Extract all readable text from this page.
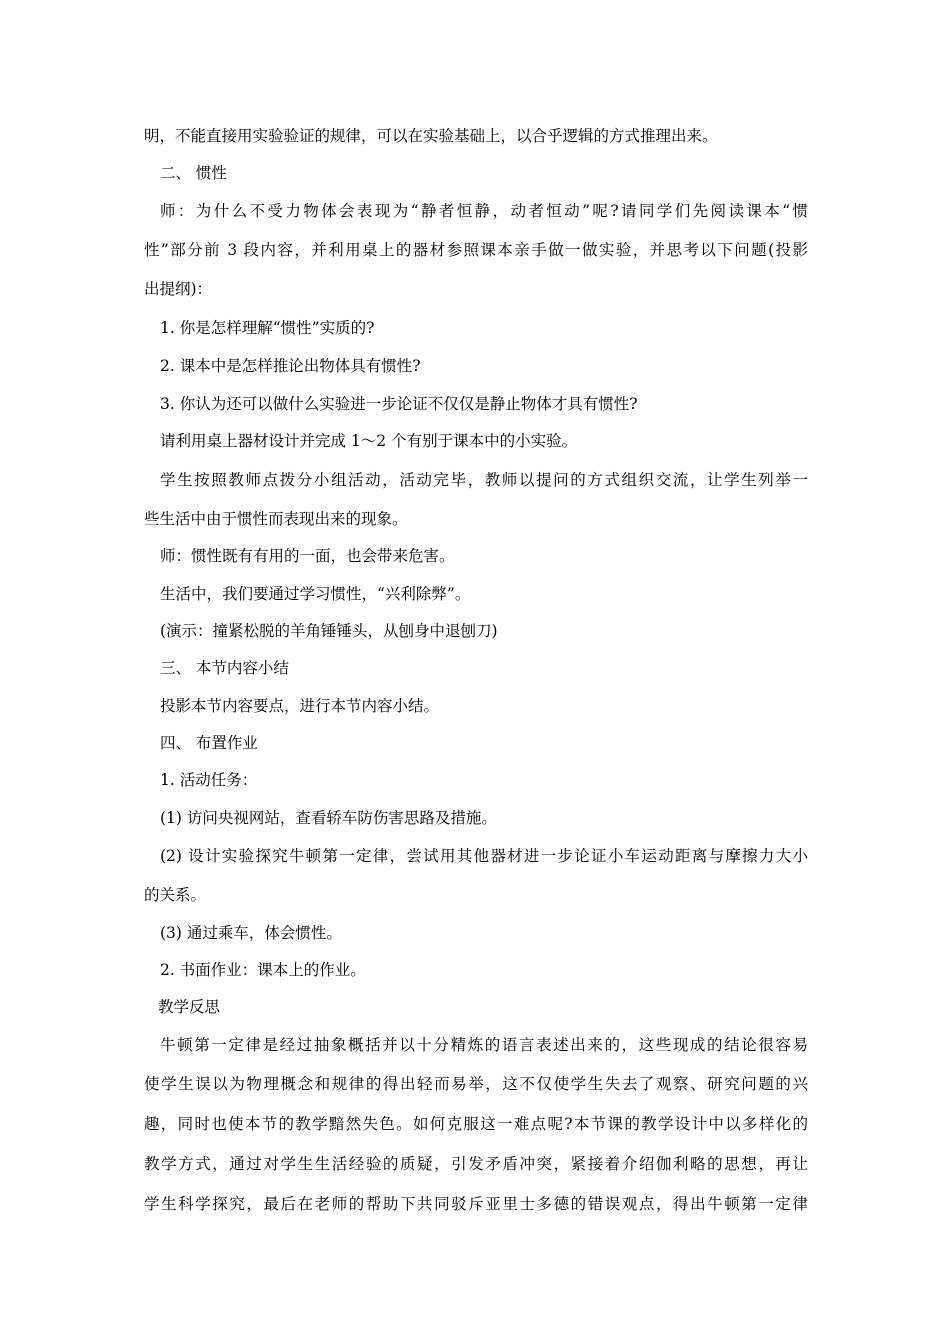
明，不能直接用实验验证的规律，可以在实验基础上，以合乎逻辑的方式推理出来。
二、 惯性
师：为什么不受力物体会表现为“静者恒静，动者恒动”呢?请同学们先阅读课本“惯
性”部分前 3 段内容，并利用桌上的器材参照课本亲手做一做实验，并思考以下问题(投影
出提纲)：
1. 你是怎样理解“惯性”实质的?
2. 课本中是怎样推论出物体具有惯性?
3. 你认为还可以做什么实验进一步论证不仅仅是静止物体才具有惯性?
请利用桌上器材设计并完成 1～2 个有别于课本中的小实验。
学生按照教师点拨分小组活动，活动完毕，教师以提问的方式组织交流，让学生列举一
些生活中由于惯性而表现出来的现象。
师：惯性既有有用的一面，也会带来危害。
生活中，我们要通过学习惯性，“兴利除弊”。
(演示：撞紧松脱的羊角锤锤头，从刨身中退刨刀)
三、 本节内容小结
投影本节内容要点，进行本节内容小结。
四、 布置作业
1. 活动任务：
(1) 访问央视网站，查看轿车防伤害思路及措施。
(2) 设计实验探究牛顿第一定律，尝试用其他器材进一步论证小车运动距离与摩擦力大小
的关系。
(3) 通过乘车，体会惯性。
2. 书面作业：课本上的作业。
教学反思
牛顿第一定律是经过抽象概括并以十分精炼的语言表述出来的，这些现成的结论很容易
使学生误以为物理概念和规律的得出轻而易举，这不仅使学生失去了观察、研究问题的兴
趣，同时也使本节的教学黯然失色。如何克服这一难点呢?本节课的教学设计中以多样化的
教学方式，通过对学生生活经验的质疑，引发矛盾冲突，紧接着介绍伽利略的思想，再让
学生科学探究，最后在老师的帮助下共同驳斥亚里士多德的错误观点，得出牛顿第一定律
